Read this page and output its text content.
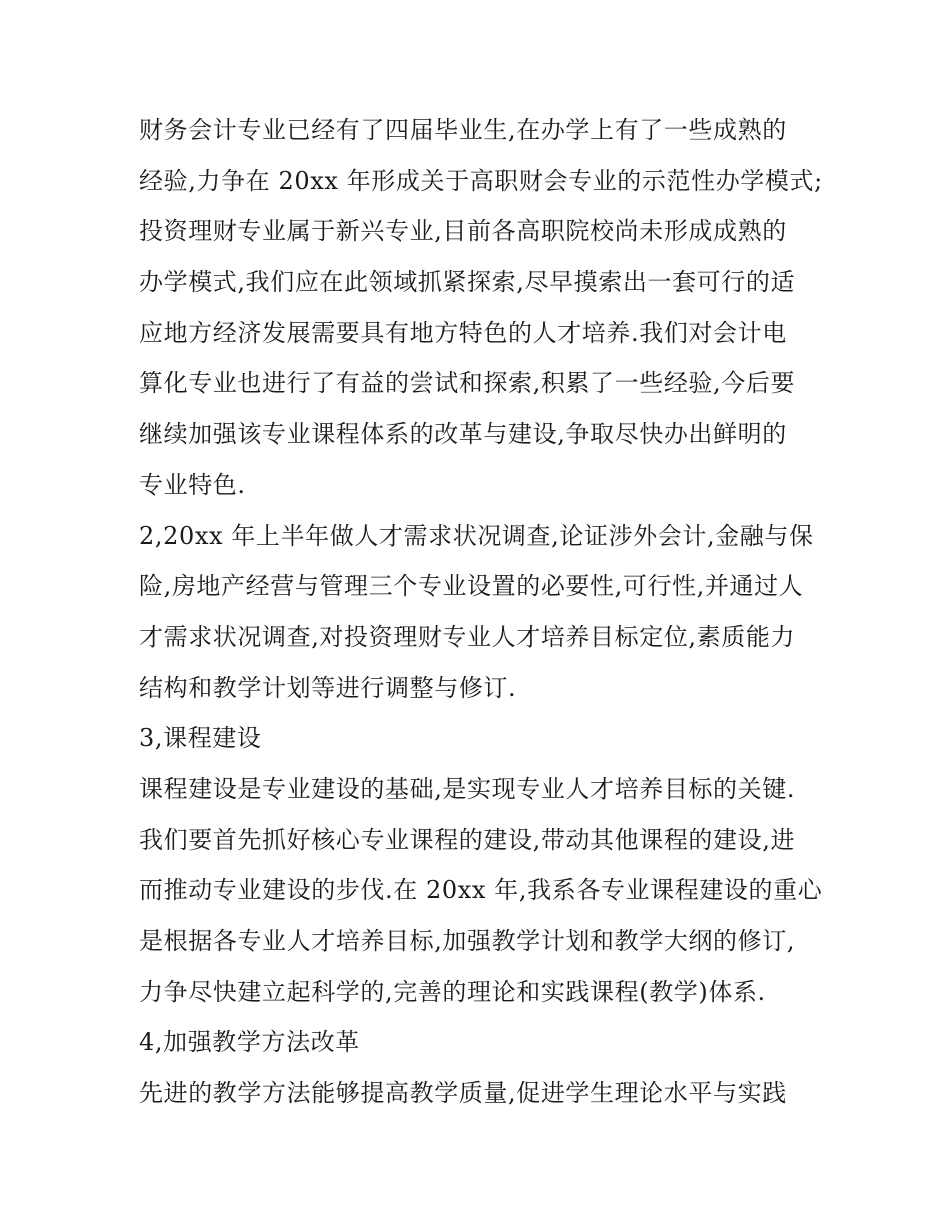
财务会计专业已经有了四届毕业生,在办学上有了一些成熟的
经验,力争在 20xx 年形成关于高职财会专业的示范性办学模式;
投资理财专业属于新兴专业,目前各高职院校尚未形成成熟的
办学模式,我们应在此领域抓紧探索,尽早摸索出一套可行的适
应地方经济发展需要具有地方特色的人才培养.我们对会计电
算化专业也进行了有益的尝试和探索,积累了一些经验,今后要
继续加强该专业课程体系的改革与建设,争取尽快办出鲜明的
专业特色.
2,20xx 年上半年做人才需求状况调查,论证涉外会计,金融与保
险,房地产经营与管理三个专业设置的必要性,可行性,并通过人
才需求状况调查,对投资理财专业人才培养目标定位,素质能力
结构和教学计划等进行调整与修订.
3,课程建设
课程建设是专业建设的基础,是实现专业人才培养目标的关键.
我们要首先抓好核心专业课程的建设,带动其他课程的建设,进
而推动专业建设的步伐.在 20xx 年,我系各专业课程建设的重心
是根据各专业人才培养目标,加强教学计划和教学大纲的修订,
力争尽快建立起科学的,完善的理论和实践课程(教学)体系.
4,加强教学方法改革
先进的教学方法能够提高教学质量,促进学生理论水平与实践
